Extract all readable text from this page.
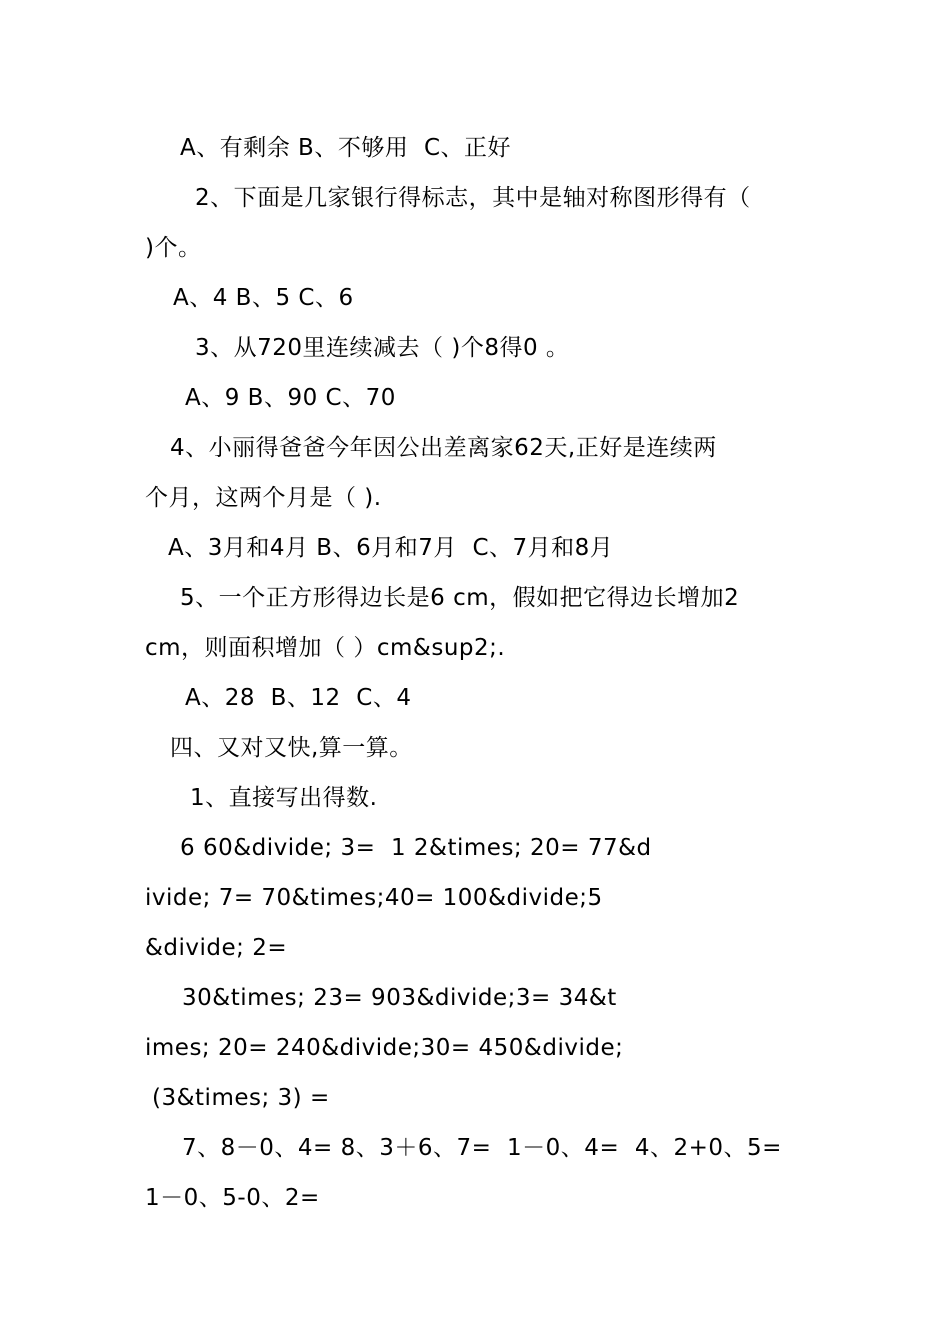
A、有剩余 B、不够用  C、正好
2、下面是几家银行得标志，其中是轴对称图形得有（
)个。
A、4 B、5 C、6
3、从720里连续减去（ )个8得0 。
A、9 B、90 C、70
4、小丽得爸爸今年因公出差离家62天,正好是连续两
个月，这两个月是（ ).
A、3月和4月 B、6月和7月  C、7月和8月
5、一个正方形得边长是6 cm，假如把它得边长增加2
cm，则面积增加（ ）cm&sup2;.
A、28  B、12  C、4
四、又对又快,算一算。
1、直接写出得数.
6 60&divide; 3=  1 2&times; 20= 77&d
ivide; 7= 70&times;40= 100&divide;5
&divide; 2=
30&times; 23= 903&divide;3= 34&t
imes; 20= 240&divide;30= 450&divide;
(3&times; 3) =
7、8－0、4= 8、3＋6、7=  1－0、4=  4、2+0、5=
1－0、5-0、2=
